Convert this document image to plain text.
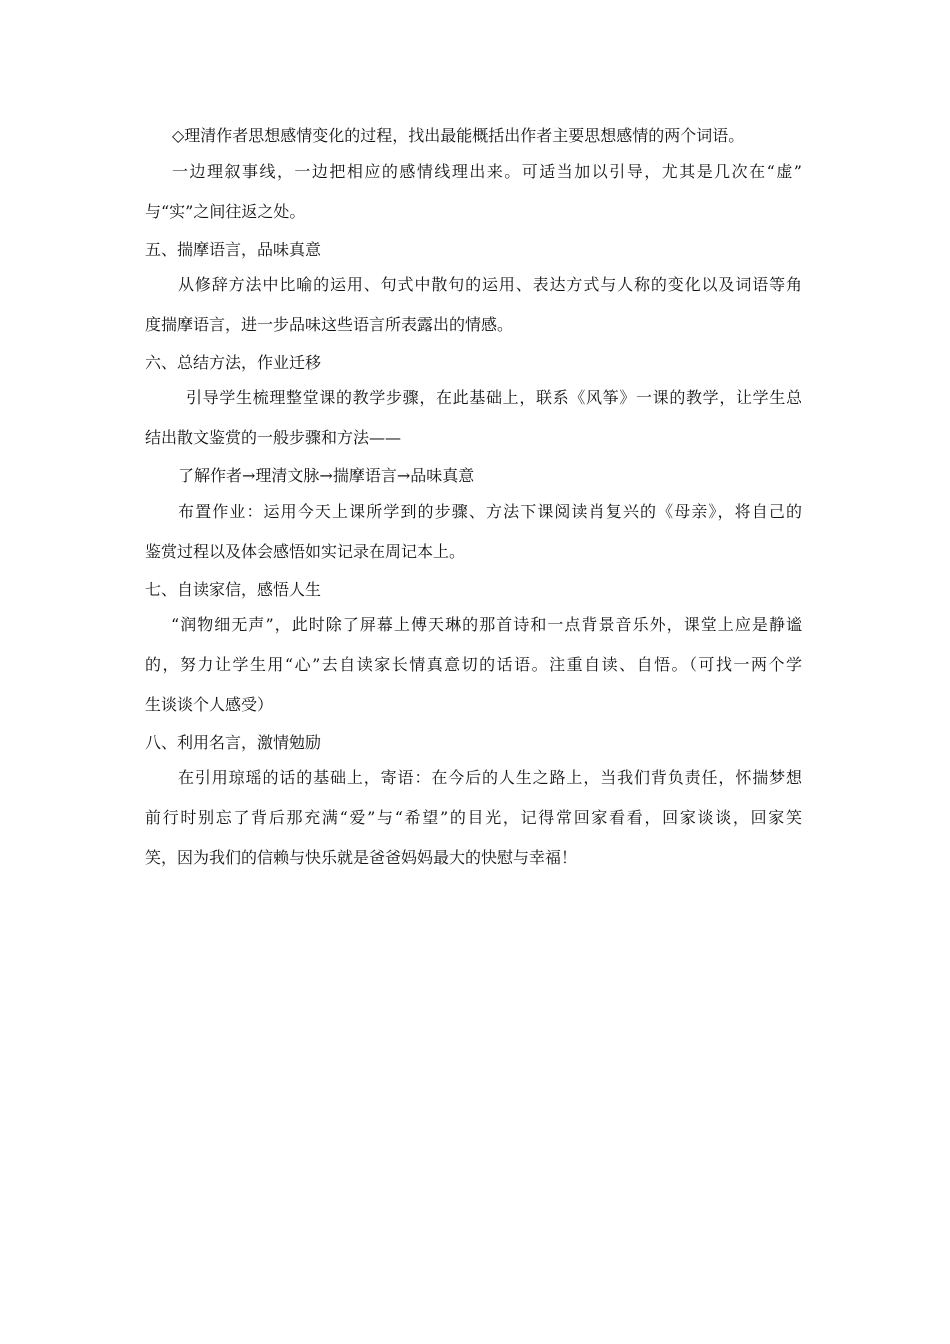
◇理清作者思想感情变化的过程，找出最能概括出作者主要思想感情的两个词语。
一边理叙事线，一边把相应的感情线理出来。可适当加以引导，尤其是几次在“虚”
与“实”之间往返之处。
五、揣摩语言，品味真意
从修辞方法中比喻的运用、句式中散句的运用、表达方式与人称的变化以及词语等角
度揣摩语言，进一步品味这些语言所表露出的情感。
六、总结方法，作业迁移
引导学生梳理整堂课的教学步骤，在此基础上，联系《风筝》一课的教学，让学生总
结出散文鉴赏的一般步骤和方法——
了解作者→理清文脉→揣摩语言→品味真意
布置作业：运用今天上课所学到的步骤、方法下课阅读肖复兴的《母亲》，将自己的
鉴赏过程以及体会感悟如实记录在周记本上。
七、自读家信，感悟人生
“润物细无声”，此时除了屏幕上傅天琳的那首诗和一点背景音乐外，课堂上应是静谧
的，努力让学生用“心”去自读家长情真意切的话语。注重自读、自悟。（可找一两个学
生谈谈个人感受）
八、利用名言，激情勉励
在引用琼瑶的话的基础上，寄语：在今后的人生之路上，当我们背负责任，怀揣梦想
前行时别忘了背后那充满“爱”与“希望”的目光，记得常回家看看，回家谈谈，回家笑
笑，因为我们的信赖与快乐就是爸爸妈妈最大的快慰与幸福！
